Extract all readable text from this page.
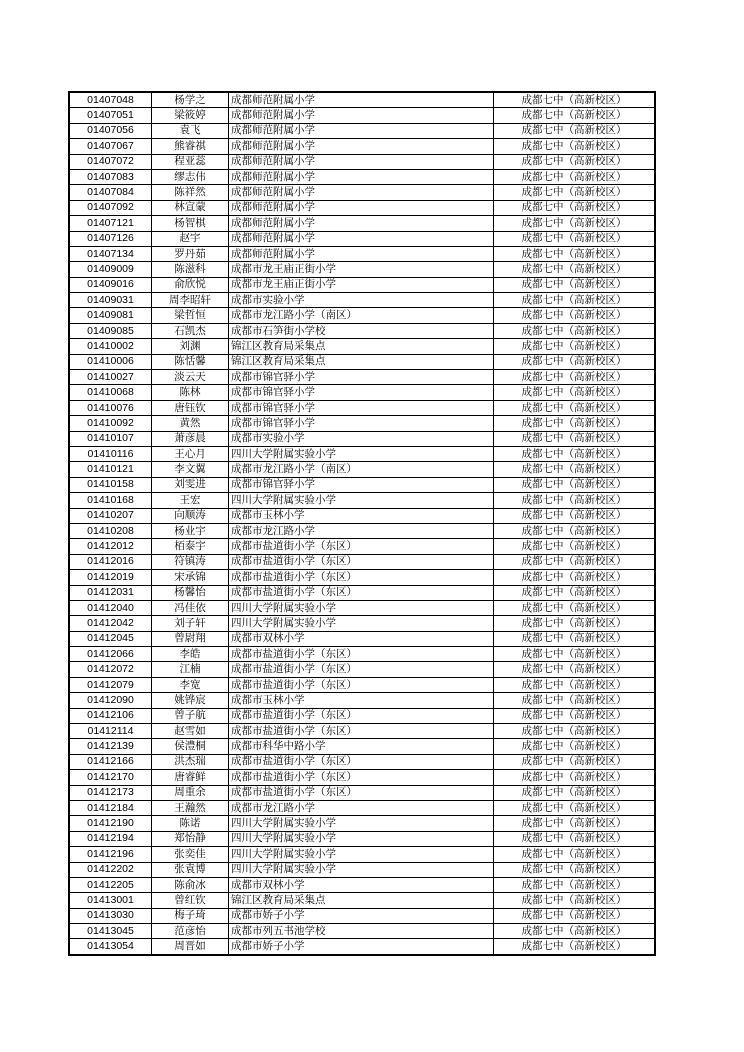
01407048	杨学之	成都师范附属小学	成都七中（高新校区）
01407051	梁筱婷	成都师范附属小学	成都七中（高新校区）
01407056	袁飞	成都师范附属小学	成都七中（高新校区）
01407067	熊睿祺	成都师范附属小学	成都七中（高新校区）
01407072	程亚蕊	成都师范附属小学	成都七中（高新校区）
01407083	缪志伟	成都师范附属小学	成都七中（高新校区）
01407084	陈祥然	成都师范附属小学	成都七中（高新校区）
01407092	林宣蒙	成都师范附属小学	成都七中（高新校区）
01407121	杨智棋	成都师范附属小学	成都七中（高新校区）
01407126	赵宇	成都师范附属小学	成都七中（高新校区）
01407134	罗丹茹	成都师范附属小学	成都七中（高新校区）
01409009	陈滋科	成都市龙王庙正街小学	成都七中（高新校区）
01409016	俞欣悦	成都市龙王庙正街小学	成都七中（高新校区）
01409031	周李昭轩	成都市实验小学	成都七中（高新校区）
01409081	梁哲恒	成都市龙江路小学（南区）	成都七中（高新校区）
01409085	石凯杰	成都市石笋街小学校	成都七中（高新校区）
01410002	刘渊	锦江区教育局采集点	成都七中（高新校区）
01410006	陈恬馨	锦江区教育局采集点	成都七中（高新校区）
01410027	淡云天	成都市锦官驿小学	成都七中（高新校区）
01410068	陈林	成都市锦官驿小学	成都七中（高新校区）
01410076	唐钰钦	成都市锦官驿小学	成都七中（高新校区）
01410092	黄然	成都市锦官驿小学	成都七中（高新校区）
01410107	萧彦晨	成都市实验小学	成都七中（高新校区）
01410116	王心月	四川大学附属实验小学	成都七中（高新校区）
01410121	李文翼	成都市龙江路小学（南区）	成都七中（高新校区）
01410158	刘雯进	成都市锦官驿小学	成都七中（高新校区）
01410168	王宏	四川大学附属实验小学	成都七中（高新校区）
01410207	向顺涛	成都市玉林小学	成都七中（高新校区）
01410208	杨业宇	成都市龙江路小学	成都七中（高新校区）
01412012	栢泰宇	成都市盐道街小学（东区）	成都七中（高新校区）
01412016	符镇涛	成都市盐道街小学（东区）	成都七中（高新校区）
01412019	宋承锦	成都市盐道街小学（东区）	成都七中（高新校区）
01412031	杨馨怡	成都市盐道街小学（东区）	成都七中（高新校区）
01412040	冯佳依	四川大学附属实验小学	成都七中（高新校区）
01412042	刘子轩	四川大学附属实验小学	成都七中（高新校区）
01412045	曾尉翔	成都市双林小学	成都七中（高新校区）
01412066	李皓	成都市盐道街小学（东区）	成都七中（高新校区）
01412072	江楠	成都市盐道街小学（东区）	成都七中（高新校区）
01412079	李宽	成都市盐道街小学（东区）	成都七中（高新校区）
01412090	姚铧宸	成都市玉林小学	成都七中（高新校区）
01412106	曾子航	成都市盐道街小学（东区）	成都七中（高新校区）
01412114	赵雪如	成都市盐道街小学（东区）	成都七中（高新校区）
01412139	侯澧桐	成都市科华中路小学	成都七中（高新校区）
01412166	洪杰瑞	成都市盐道街小学（东区）	成都七中（高新校区）
01412170	唐睿鲜	成都市盐道街小学（东区）	成都七中（高新校区）
01412173	周重余	成都市盐道街小学（东区）	成都七中（高新校区）
01412184	王瀚然	成都市龙江路小学	成都七中（高新校区）
01412190	陈诺	四川大学附属实验小学	成都七中（高新校区）
01412194	郑怡静	四川大学附属实验小学	成都七中（高新校区）
01412196	张奕佳	四川大学附属实验小学	成都七中（高新校区）
01412202	张袁博	四川大学附属实验小学	成都七中（高新校区）
01412205	陈俞冰	成都市双林小学	成都七中（高新校区）
01413001	曾红钦	锦江区教育局采集点	成都七中（高新校区）
01413030	梅子琦	成都市娇子小学	成都七中（高新校区）
01413045	范彦怡	成都市列五书池学校	成都七中（高新校区）
01413054	周晋如	成都市娇子小学	成都七中（高新校区）
